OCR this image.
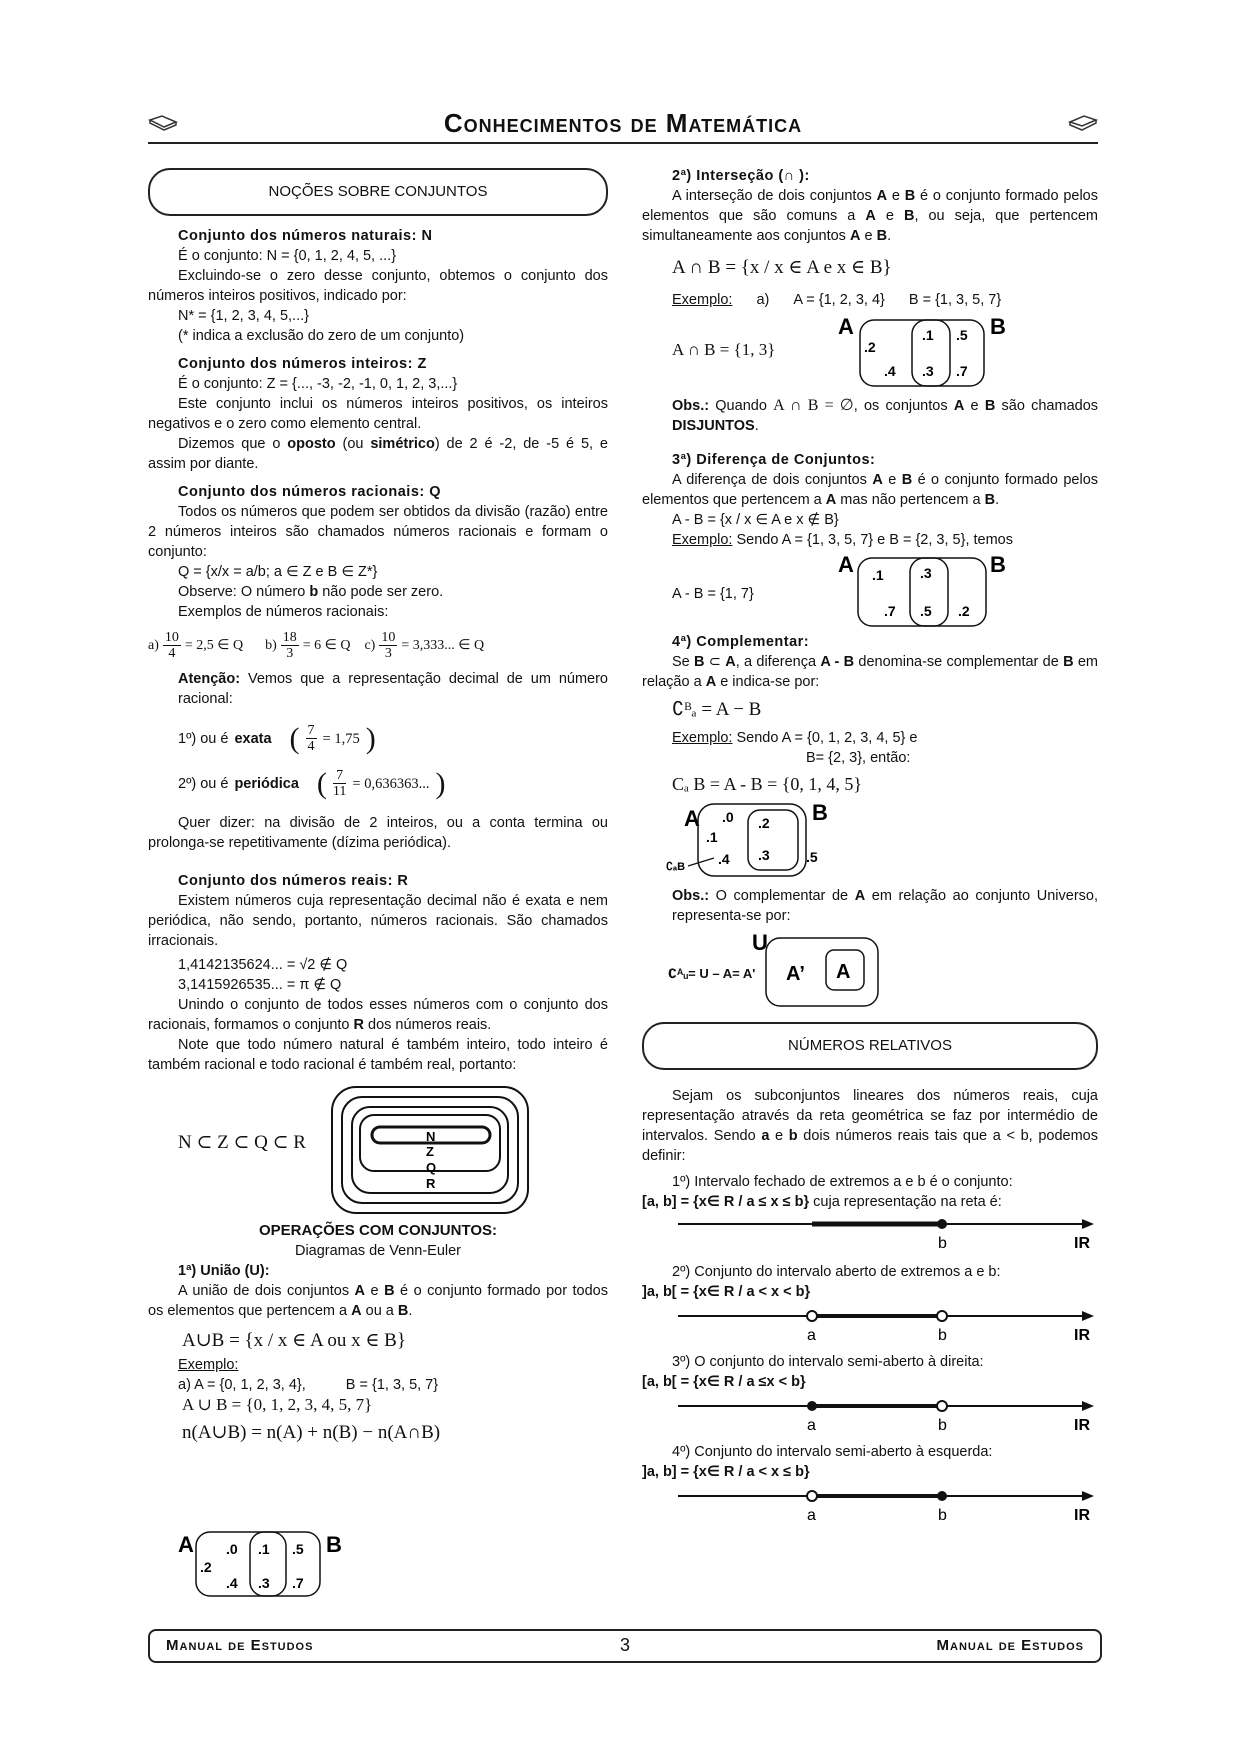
Conhecimentos de Matemática
NOÇÕES SOBRE CONJUNTOS

Conjunto dos números naturais: N

É o conjunto: N = {0, 1, 2, 4, 5, ...}

Excluindo-se o zero desse conjunto, obtemos o conjunto dos números inteiros positivos, indicado por:

N* = {1, 2, 3, 4, 5,...}

(* indica a exclusão do zero de um conjunto)

Conjunto dos números inteiros: Z

É o conjunto: Z = {..., -3, -2, -1, 0, 1, 2, 3,...}

Este conjunto inclui os números inteiros positivos, os inteiros negativos e o zero como elemento central.

Dizemos que o oposto (ou simétrico) de 2 é -2, de -5 é 5, e assim por diante.

Conjunto dos números racionais: Q

Todos os números que podem ser obtidos da divisão (razão) entre 2 números inteiros são chamados números racionais e formam o conjunto:

Q = {x/x = a/b; a ∈ Z e B ∈ Z*}

Observe: O número b não pode ser zero.

Exemplos de números racionais:

$a) \frac{10}{4} = 2,5$ ∈ Q $b) \frac{18}{3} = 6$ ∈ Q $c) \frac{10}{3} = 3,333$... ∈ Q

Atenção: Vemos que a representação decimal de um número racional:

1º) ou é exata ( $\frac{7}{4} = 1,75$ )
2º) ou é periódica ( $\frac{7}{11} = 0,636363$... )

Quer dizer: na divisão de 2 inteiros, ou a conta termina ou prolonga-se repetitivamente (dízima periódica).

Conjunto dos números reais: R

Existem números cuja representação decimal não é exata e nem periódica, não sendo, portanto, números racionais. São chamados irracionais.

1,4142135624... = √2 ∉ Q

3,1415926535... = π ∉ Q

Unindo o conjunto de todos esses números com o conjunto dos racionais, formamos o conjunto R dos números reais.

Note que todo número natural é também inteiro, todo inteiro é também racional e todo racional é também real, portanto:

N ⊂ Z ⊂ Q ⊂ R	N
Z
Q
R

OPERAÇÕES COM CONJUNTOS:

Diagramas de Venn-Euler

1ª) União (U):

A união de dois conjuntos A e B é o conjunto formado por todos os elementos que pertencem a A ou a B.

A∪B = {x / x ∈ A ou x ∈ B}

Exemplo:

a) A = {0, 1, 2, 3, 4},	B = {1, 3, 5, 7}

A ∪ B = {0, 1, 2, 3, 4, 5, 7}

n(A∪B) = n(A) + n(B) − n(A∩B)

A	B
.0
.2
.4
.1
.3
.5
.7

2ª) Interseção (∩ ):

A interseção de dois conjuntos A e B é o conjunto formado pelos elementos que são comuns a A e B, ou seja, que pertencem simultaneamente aos conjuntos A e B.

A ∩ B = {x / x ∈ A e x ∈ B}

Exemplo: a) A = {1, 2, 3, 4} B = {1, 3, 5, 7}
A ∩ B = {1, 3}
A	B
.2
.4
.1
.3
.5
.7

Obs.: Quando A ∩ B = ∅, os conjuntos A e B são chamados DISJUNTOS.

3ª) Diferença de Conjuntos:

A diferença de dois conjuntos A e B é o conjunto formado pelos elementos que pertencem a A mas não pertencem a B.

A - B = {x / x ∈ A e x ∉ B}

Exemplo: Sendo A = {1, 3, 5, 7} e B = {2, 3, 5}, temos

A - B = {1, 7}
A	B
.1
.7
.3
.5 .2

4ª) Complementar:

Se B ⊂ A, a diferença A - B denomina-se complementar de B em relação a A e indica-se por:

∁ᴮₐ = A − B

Exemplo: Sendo A = {0, 1, 2, 3, 4, 5} e

B= {2, 3}, então:

Cₐ B = A - B = {0, 1, 4, 5}

A	B
.0
.1
.4
.2
.3	.5
∁ₐB

Obs.: O complementar de A em relação ao conjunto Universo, representa-se por:

∁ᴬᵤ= U – A= A'
U
A’ A
NÚMEROS RELATIVOS

Sejam os subconjuntos lineares dos números reais, cuja representação através da reta geométrica se faz por intermédio de intervalos. Sendo a e b dois números reais tais que a < b, podemos definir:

1º) Intervalo fechado de extremos a e b é o conjunto:

[a, b] = {x∈ R / a ≤ x ≤ b} cuja representação na reta é:

b	IR

2º) Conjunto do intervalo aberto de extremos a e b:

]a, b[ = {x∈ R / a < x < b}

a	b	IR

3º) O conjunto do intervalo semi-aberto à direita:

[a, b[ = {x∈ R / a ≤x < b}

a	b	IR

4º) Conjunto do intervalo semi-aberto à esquerda:

]a, b] = {x∈ R / a < x ≤ b}

a	b	IR
Manual de Estudos	3	Manual de Estudos
